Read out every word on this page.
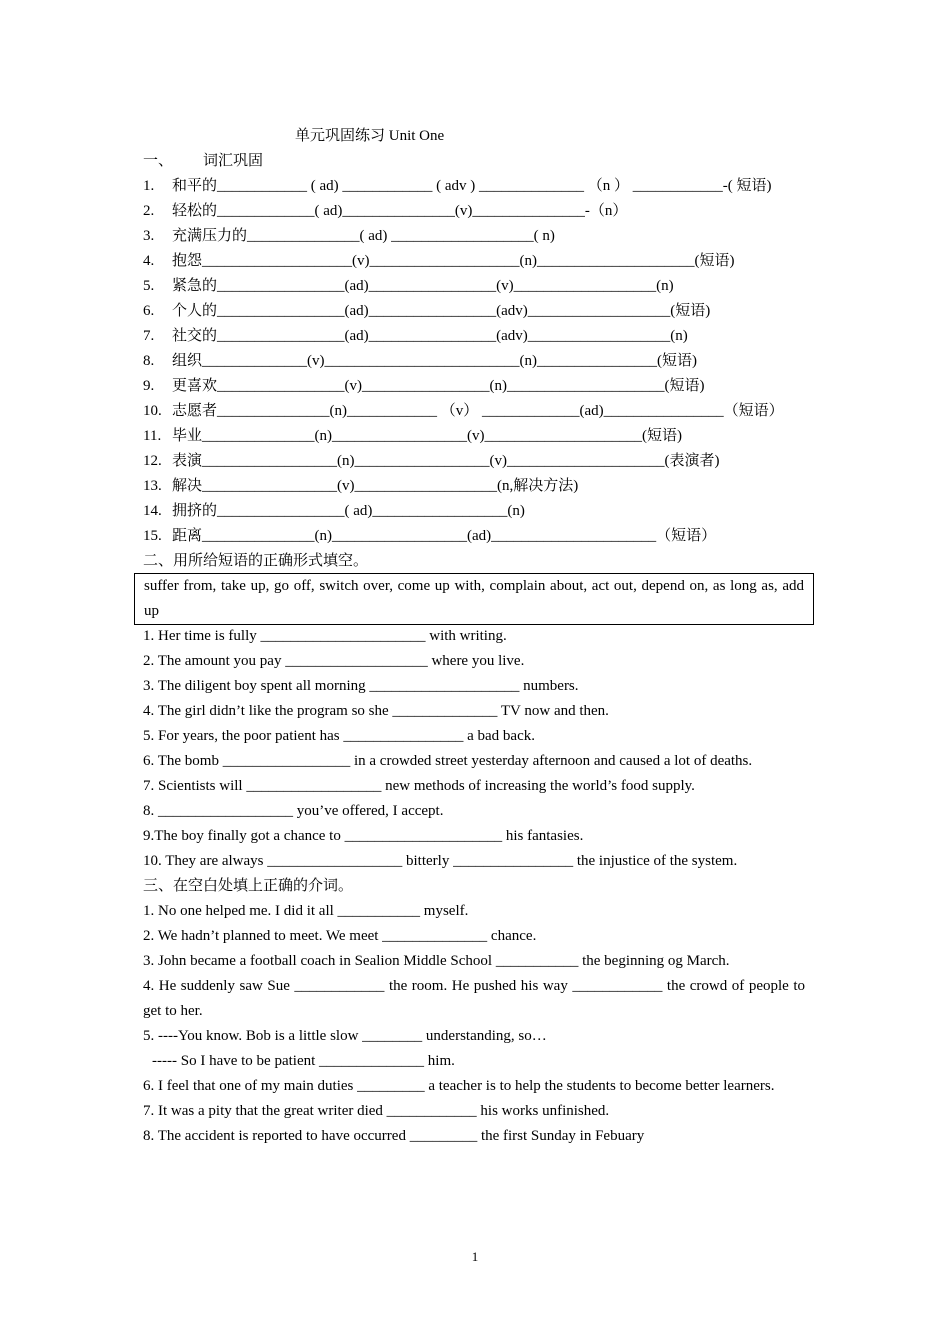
单元巩固练习 Unit One
一、        词汇巩固
1. 和平的____________ ( ad) ____________ ( adv ) ______________ （n ） ____________-( 短语)
2. 轻松的_____________( ad)_______________(v)_______________-（n）
3. 充满压力的_______________( ad) ___________________( n)
4. 抱怨____________________(v)____________________(n)_____________________(短语)
5. 紧急的_________________(ad)_________________(v)___________________(n)
6. 个人的_________________(ad)_________________(adv)___________________(短语)
7. 社交的_________________(ad)_________________(adv)___________________(n)
8. 组织______________(v)__________________________(n)________________(短语)
9. 更喜欢_________________(v)_________________(n)_____________________(短语)
10. 志愿者_______________(n)____________ （v） _____________(ad)________________（短语）
11. 毕业_______________(n)__________________(v)_____________________(短语)
12. 表演__________________(n)__________________(v)_____________________(表演者)
13. 解决__________________(v)___________________(n,解决方法)
14. 拥挤的_________________( ad)__________________(n)
15. 距离_______________(n)__________________(ad)______________________（短语）
二、用所给短语的正确形式填空。
suffer from, take up, go off, switch over, come up with, complain about, act out, depend on, as long as, add up
1. Her time is fully ______________________ with writing.
2. The amount you pay ___________________ where you live.
3. The diligent boy spent all morning ____________________ numbers.
4. The girl didn’t like the program so she ______________ TV now and then.
5. For years, the poor patient has ________________ a bad back.
6. The bomb _________________ in a crowded street yesterday afternoon and caused a lot of deaths.
7. Scientists will __________________ new methods of increasing the world’s food supply.
8. __________________ you’ve offered, I accept.
9.The boy finally got a chance to _____________________ his fantasies.
10. They are always __________________ bitterly ________________ the injustice of the system.
三、在空白处填上正确的介词。
1. No one helped me. I did it all ___________ myself.
2. We hadn’t planned to meet. We meet ______________ chance.
3. John became a football coach in Sealion Middle School ___________ the beginning og March.
4. He suddenly saw Sue ____________ the room. He pushed his way ____________ the crowd of people to get to her.
5. ----You know. Bob is a little slow ________ understanding, so…
----- So I have to be patient ______________ him.
6. I feel that one of my main duties _________ a teacher is to help the students to become better learners.
7. It was a pity that the great writer died ____________ his works unfinished.
8. The accident is reported to have occurred _________ the first Sunday in Febuary
1
